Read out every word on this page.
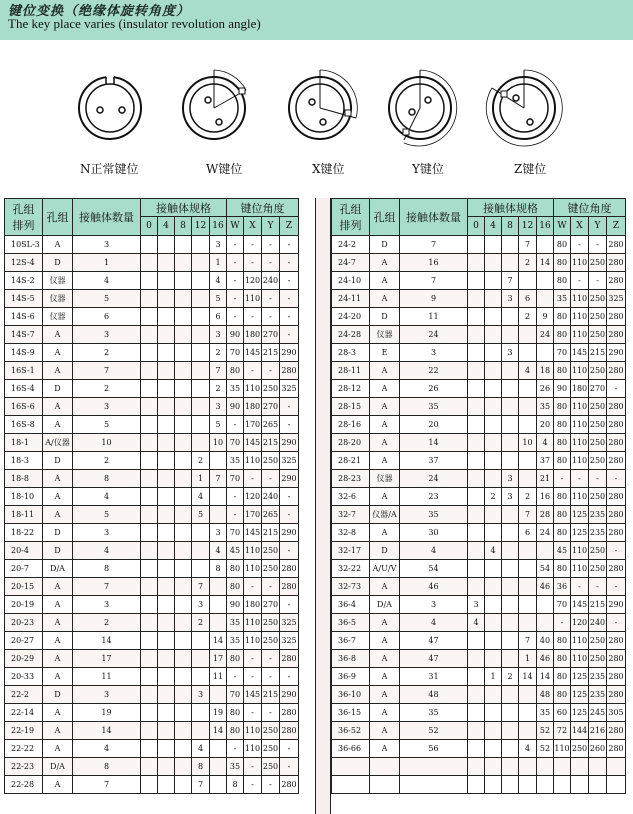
键位变换（绝缘体旋转角度）
The key place varies (insulator revolution angle)
N正常键位	W键位	X键位	Y键位	Z键位
孔组
排列	孔组	接触体数量	接触体规格					键位角度			
			0	4	8	12	16	W	X	Y	Z
10SL-3	A	3					3	-	-	-	-
12S-4	D	1					1	-	-	-	-
14S-2	仪器	4					4	-	120	240	-
14S-5	仪器	5					5	-	110	-	-
14S-6	仪器	6					6	-	-	-	-
14S-7	A	3					3	90	180	270	-
14S-9	A	2					2	70	145	215	290
16S-1	A	7					7	80	-	-	280
16S-4	D	2					2	35	110	250	325
16S-6	A	3					3	90	180	270	-
16S-8	A	5					5	-	170	265	-
18-1	A/仪器	10					10	70	145	215	290
18-3	D	2				2		35	110	250	325
18-8	A	8				1	7	70	-	-	290
18-10	A	4				4		-	120	240	-
18-11	A	5				5		-	170	265	-
18-22	D	3					3	70	145	215	290
20-4	D	4					4	45	110	250	-
20-7	D/A	8					8	80	110	250	280
20-15	A	7				7		80	-	-	280
20-19	A	3				3		90	180	270	-
20-23	A	2				2		35	110	250	325
20-27	A	14					14	35	110	250	325
20-29	A	17					17	80	-	-	280
20-33	A	11					11	-	-	-	-
22-2	D	3				3		70	145	215	290
22-14	A	19					19	80	-	-	280
22-19	A	14					14	80	110	250	280
22-22	A	4				4		-	110	250	-
22-23	D/A	8				8		35	-	250	-
22-28	A	7				7		8	-	-	280
孔组
排列	孔组	接触体数量	接触体规格					键位角度			
			0	4	8	12	16	W	X	Y	Z
24-2	D	7				7		80	-	-	280
24-7	A	16				2	14	80	110	250	280
24-10	A	7			7			80	-	-	280
24-11	A	9			3	6		35	110	250	325
24-20	D	11				2	9	80	110	250	280
24-28	仪器	24					24	80	110	250	280
28-3	E	3			3			70	145	215	290
28-11	A	22				4	18	80	110	250	280
28-12	A	26					26	90	180	270	-
28-15	A	35					35	80	110	250	280
28-16	A	20					20	80	110	250	280
28-20	A	14				10	4	80	110	250	280
28-21	A	37					37	80	110	250	280
28-23	仪器	24			3		21	-	-	-	-
32-6	A	23		2	3	2	16	80	110	250	280
32-7	仪器/A	35				7	28	80	125	235	280
32-8	A	30				6	24	80	125	235	280
32-17	D	4		4				45	110	250	-
32-22	A/U/V	54					54	80	110	250	280
32-73	A	46					46	36	-	-	-
36-4	D/A	3	3					70	145	215	290
36-5	A	4	4					-	120	240	-
36-7	A	47				7	40	80	110	250	280
36-8	A	47				1	46	80	110	250	280
36-9	A	31		1	2	14	14	80	125	235	280
36-10	A	48					48	80	125	235	280
36-15	A	35					35	60	125	245	305
36-52	A	52					52	72	144	216	280
36-66	A	56				4	52	110	250	260	280
